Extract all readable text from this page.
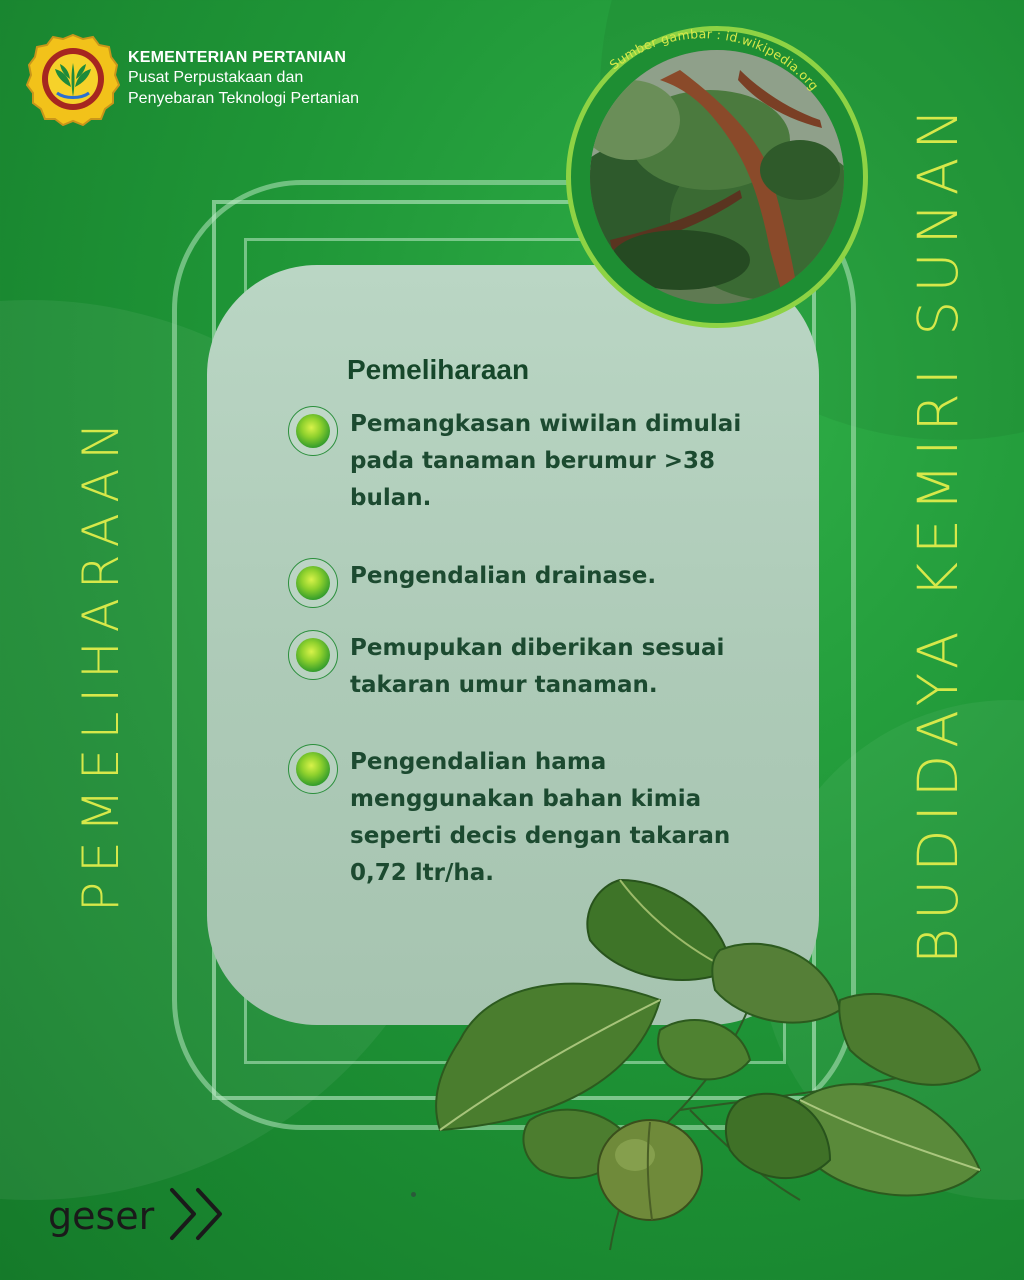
KEMENTERIAN PERTANIAN
Pusat Perpustakaan dan
Penyebaran Teknologi Pertanian
Sumber gambar : id.wikipedia.org
Pemeliharaan
Pemangkasan wiwilan dimulai pada tanaman berumur >38 bulan.
Pengendalian drainase.
Pemupukan diberikan sesuai takaran umur tanaman.
Pengendalian hama menggunakan bahan kimia seperti decis dengan takaran 0,72 ltr/ha.
PEMELIHARAAN	BUDIDAYA KEMIRI SUNAN
geser
